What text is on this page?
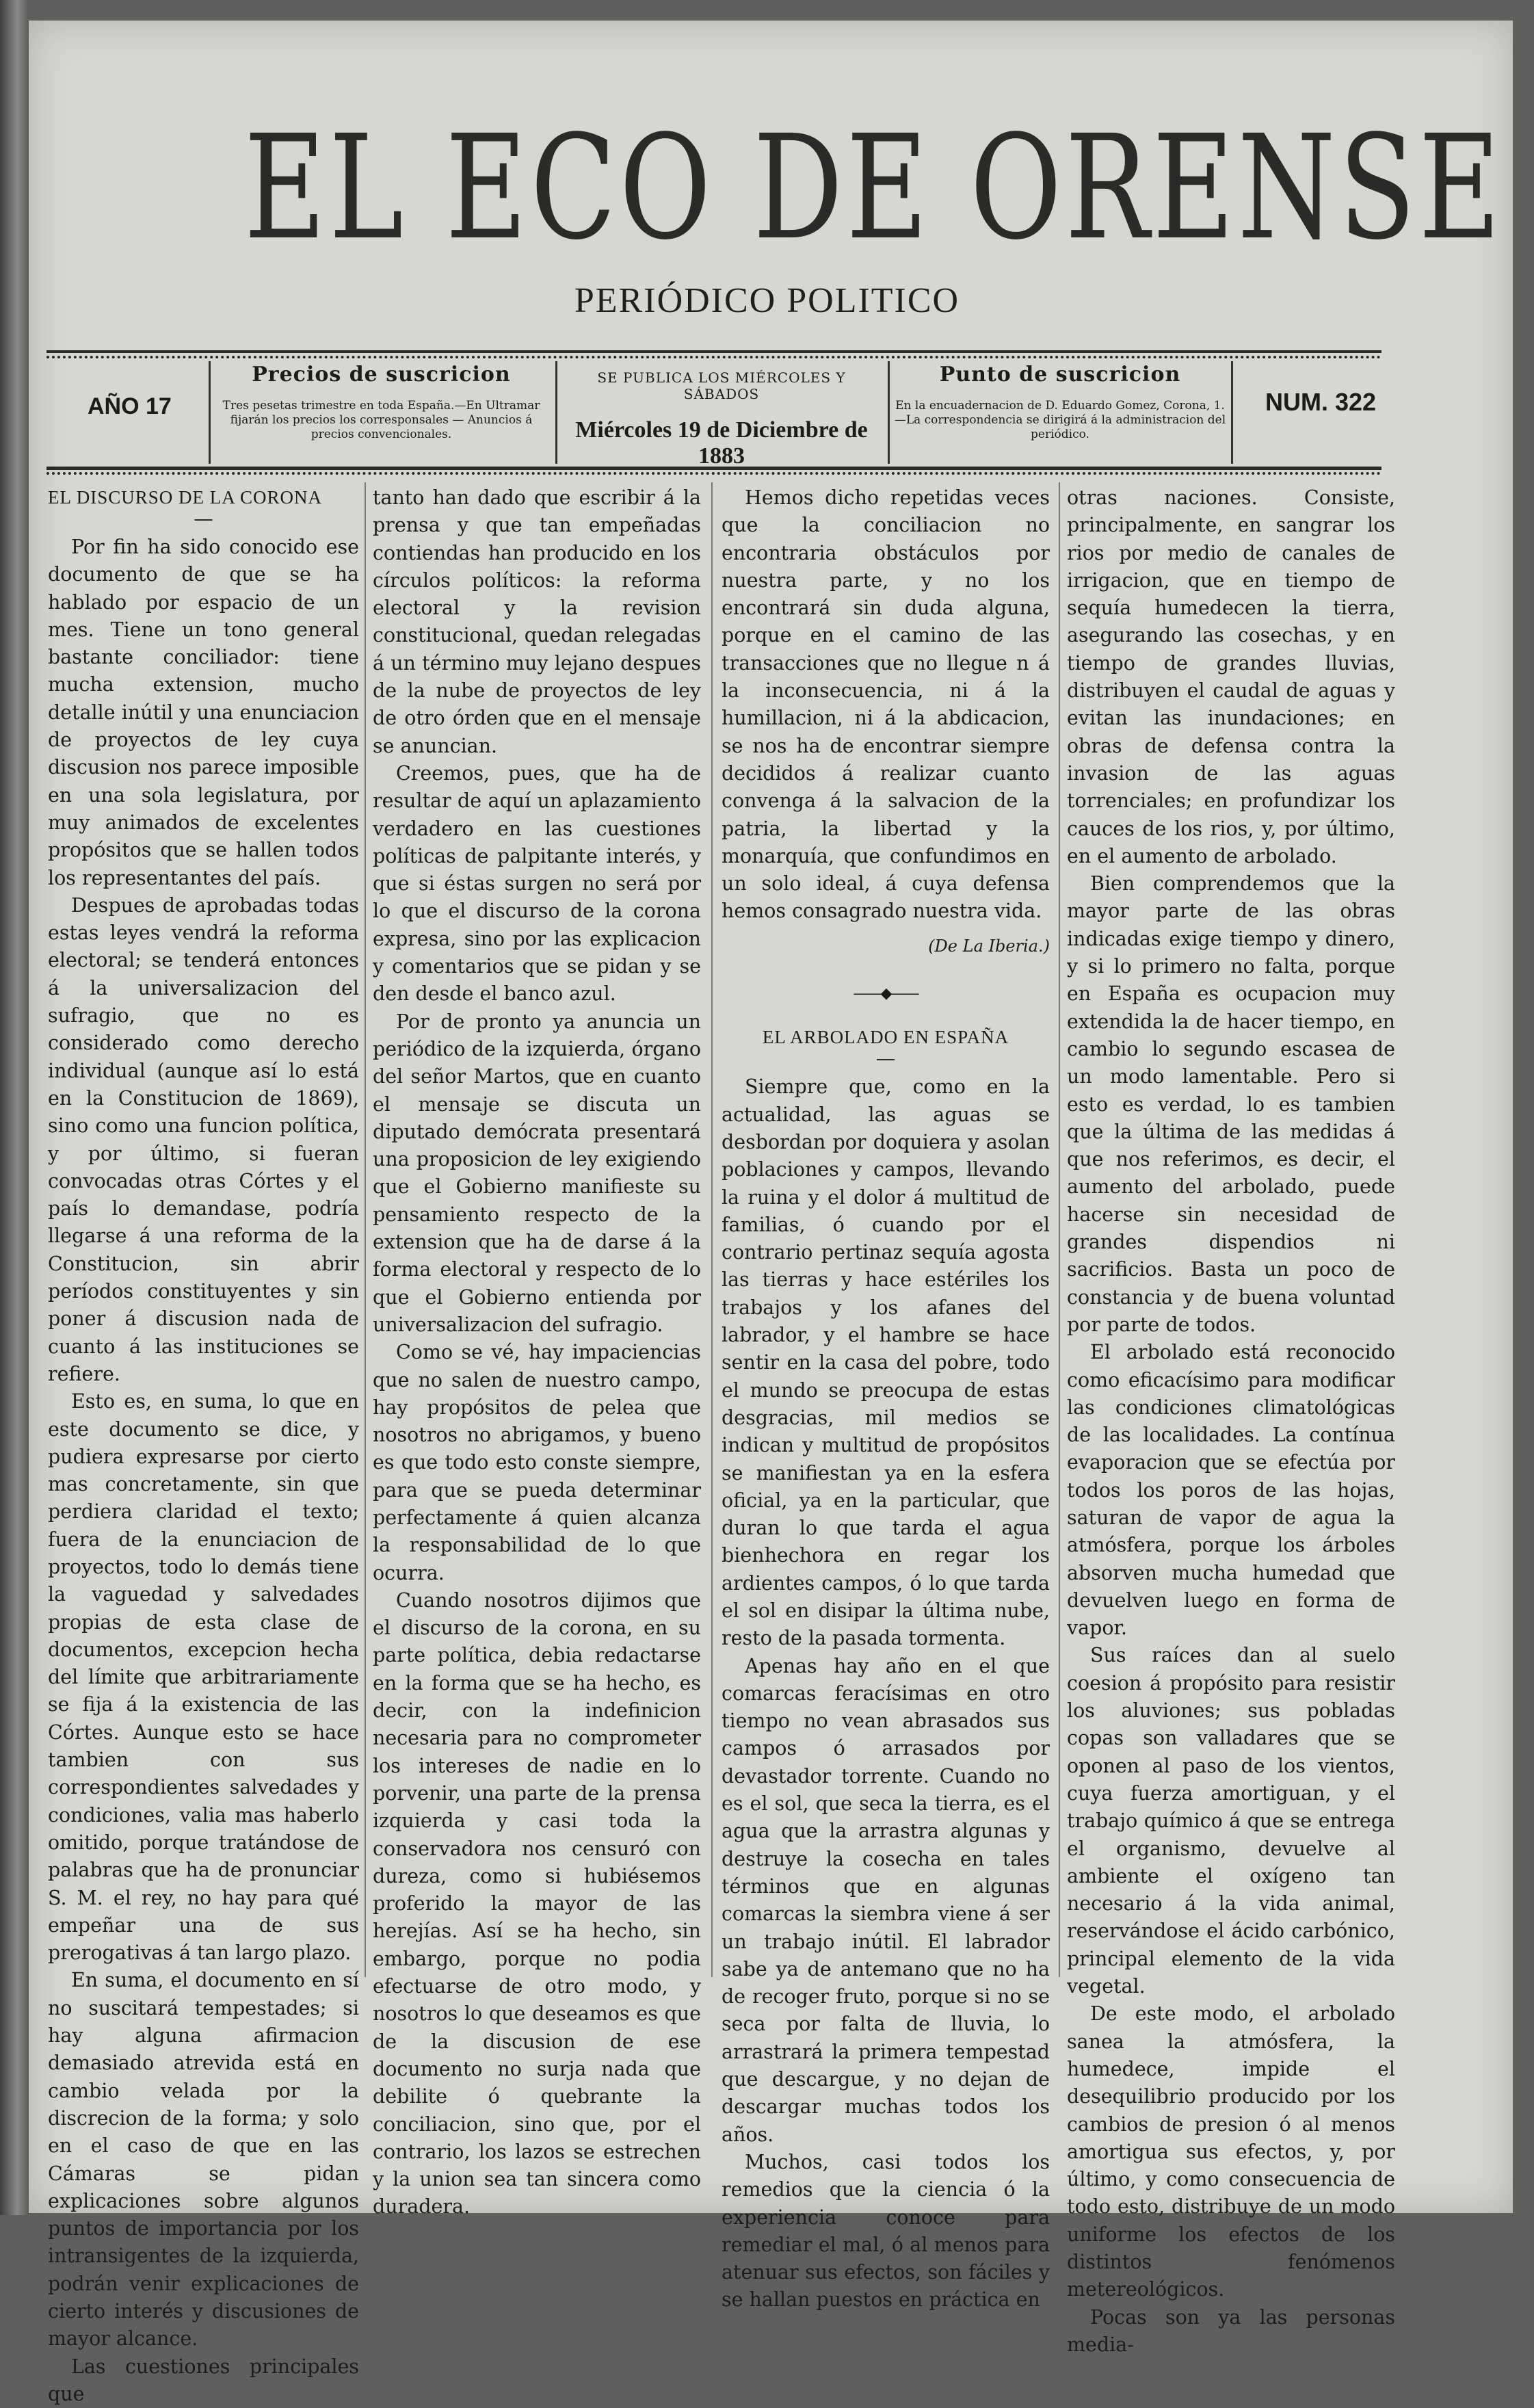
EL ECO DE ORENSE
PERIÓDICO POLITICO
AÑO 17
Precios de suscricion
Tres pesetas trimestre en toda España.—En Ultramar fijarán los precios los corresponsales — Anuncios á precios convencionales.
SE PUBLICA LOS MIÉRCOLES Y SÁBADOS
Miércoles 19 de Diciembre de 1883
Punto de suscricion
En la encuadernacion de D. Eduardo Gomez, Corona, 1.—La correspondencia se dirigirá á la administracion del periódico.
NUM. 322
EL DISCURSO DE LA CORONA
—

Por fin ha sido conocido ese documento de que se ha hablado por espacio de un mes. Tiene un tono general bastante conciliador: tiene mucha extension, mucho detalle inútil y una enunciacion de proyectos de ley cuya discusion nos parece imposible en una sola legislatura, por muy animados de excelentes propósitos que se hallen todos los representantes del país.

Despues de aprobadas todas estas leyes vendrá la reforma electoral; se tenderá entonces á la universalizacion del sufragio, que no es considerado como derecho individual (aunque así lo está en la Constitucion de 1869), sino como una funcion política, y por último, si fueran convocadas otras Córtes y el país lo demandase, podría llegarse á una reforma de la Constitucion, sin abrir períodos constituyentes y sin poner á discusion nada de cuanto á las instituciones se refiere.

Esto es, en suma, lo que en este documento se dice, y pudiera expresarse por cierto mas concretamente, sin que perdiera claridad el texto; fuera de la enunciacion de proyectos, todo lo demás tiene la vaguedad y salvedades propias de esta clase de documentos, excepcion hecha del límite que arbitrariamente se fija á la existencia de las Córtes. Aunque esto se hace tambien con sus correspondientes salvedades y condiciones, valia mas haberlo omitido, porque tratándose de palabras que ha de pronunciar S. M. el rey, no hay para qué empeñar una de sus prerogativas á tan largo plazo.

En suma, el documento en sí no suscitará tempestades; si hay alguna afirmacion demasiado atrevida está en cambio velada por la discrecion de la forma; y solo en el caso de que en las Cámaras se pidan explicaciones sobre algunos puntos de importancia por los intransigentes de la izquierda, podrán venir explicaciones de cierto interés y discusiones de mayor alcance.

Las cuestiones principales que

tanto han dado que escribir á la prensa y que tan empeñadas contiendas han producido en los círculos políticos: la reforma electoral y la revision constitucional, quedan relegadas á un término muy lejano despues de la nube de proyectos de ley de otro órden que en el mensaje se anuncian.

Creemos, pues, que ha de resultar de aquí un aplazamiento verdadero en las cuestiones políticas de palpitante interés, y que si éstas surgen no será por lo que el discurso de la corona expresa, sino por las explicacion y comentarios que se pidan y se den desde el banco azul.

Por de pronto ya anuncia un periódico de la izquierda, órgano del señor Martos, que en cuanto el mensaje se discuta un diputado demócrata presentará una proposicion de ley exigiendo que el Gobierno manifieste su pensamiento respecto de la extension que ha de darse á la forma electoral y respecto de lo que el Gobierno entienda por universalizacion del sufragio.

Como se vé, hay impaciencias que no salen de nuestro campo, hay propósitos de pelea que nosotros no abrigamos, y bueno es que todo esto conste siempre, para que se pueda determinar perfectamente á quien alcanza la responsabilidad de lo que ocurra.

Cuando nosotros dijimos que el discurso de la corona, en su parte política, debia redactarse en la forma que se ha hecho, es decir, con la indefinicion necesaria para no comprometer los intereses de nadie en lo porvenir, una parte de la prensa izquierda y casi toda la conservadora nos censuró con dureza, como si hubiésemos proferido la mayor de las herejías. Así se ha hecho, sin embargo, porque no podia efectuarse de otro modo, y nosotros lo que deseamos es que de la discusion de ese documento no surja nada que debilite ó quebrante la conciliacion, sino que, por el contrario, los lazos se estrechen y la union sea tan sincera como duradera.

Hemos dicho repetidas veces que la conciliacion no encontraria obstáculos por nuestra parte, y no los encontrará sin duda alguna, porque en el camino de las transacciones que no llegue n á la inconsecuencia, ni á la humillacion, ni á la abdicacion, se nos ha de encontrar siempre decididos á realizar cuanto convenga á la salvacion de la patria, la libertad y la monarquía, que confundimos en un solo ideal, á cuya defensa hemos consagrado nuestra vida.

(De La Iberia.)
——◆——
EL ARBOLADO EN ESPAÑA
—

Siempre que, como en la actualidad, las aguas se desbordan por doquiera y asolan poblaciones y campos, llevando la ruina y el dolor á multitud de familias, ó cuando por el contrario pertinaz sequía agosta las tierras y hace estériles los trabajos y los afanes del labrador, y el hambre se hace sentir en la casa del pobre, todo el mundo se preocupa de estas desgracias, mil medios se indican y multitud de propósitos se manifiestan ya en la esfera oficial, ya en la particular, que duran lo que tarda el agua bienhechora en regar los ardientes campos, ó lo que tarda el sol en disipar la última nube, resto de la pasada tormenta.

Apenas hay año en el que comarcas feracísimas en otro tiempo no vean abrasados sus campos ó arrasados por devastador torrente. Cuando no es el sol, que seca la tierra, es el agua que la arrastra algunas y destruye la cosecha en tales términos que en algunas comarcas la siembra viene á ser un trabajo inútil. El labrador sabe ya de antemano que no ha de recoger fruto, porque si no se seca por falta de lluvia, lo arrastrará la primera tempestad que descargue, y no dejan de descargar muchas todos los años.

Muchos, casi todos los remedios que la ciencia ó la experiencia conoce para remediar el mal, ó al menos para atenuar sus efectos, son fáciles y se hallan puestos en práctica en

otras naciones. Consiste, principalmente, en sangrar los rios por medio de canales de irrigacion, que en tiempo de sequía humedecen la tierra, asegurando las cosechas, y en tiempo de grandes lluvias, distribuyen el caudal de aguas y evitan las inundaciones; en obras de defensa contra la invasion de las aguas torrenciales; en profundizar los cauces de los rios, y, por último, en el aumento de arbolado.

Bien comprendemos que la mayor parte de las obras indicadas exige tiempo y dinero, y si lo primero no falta, porque en España es ocupacion muy extendida la de hacer tiempo, en cambio lo segundo escasea de un modo lamentable. Pero si esto es verdad, lo es tambien que la última de las medidas á que nos referimos, es decir, el aumento del arbolado, puede hacerse sin necesidad de grandes dispendios ni sacrificios. Basta un poco de constancia y de buena voluntad por parte de todos.

El arbolado está reconocido como eficacísimo para modificar las condiciones climatológicas de las localidades. La contínua evaporacion que se efectúa por todos los poros de las hojas, saturan de vapor de agua la atmósfera, porque los árboles absorven mucha humedad que devuelven luego en forma de vapor.

Sus raíces dan al suelo coesion á propósito para resistir los aluviones; sus pobladas copas son valladares que se oponen al paso de los vientos, cuya fuerza amortiguan, y el trabajo químico á que se entrega el organismo, devuelve al ambiente el oxígeno tan necesario á la vida animal, reservándose el ácido carbónico, principal elemento de la vida vegetal.

De este modo, el arbolado sanea la atmósfera, la humedece, impide el desequilibrio producido por los cambios de presion ó al menos amortigua sus efectos, y, por último, y como consecuencia de todo esto, distribuye de un modo uniforme los efectos de los distintos fenómenos metereológicos.

Pocas son ya las personas media-
